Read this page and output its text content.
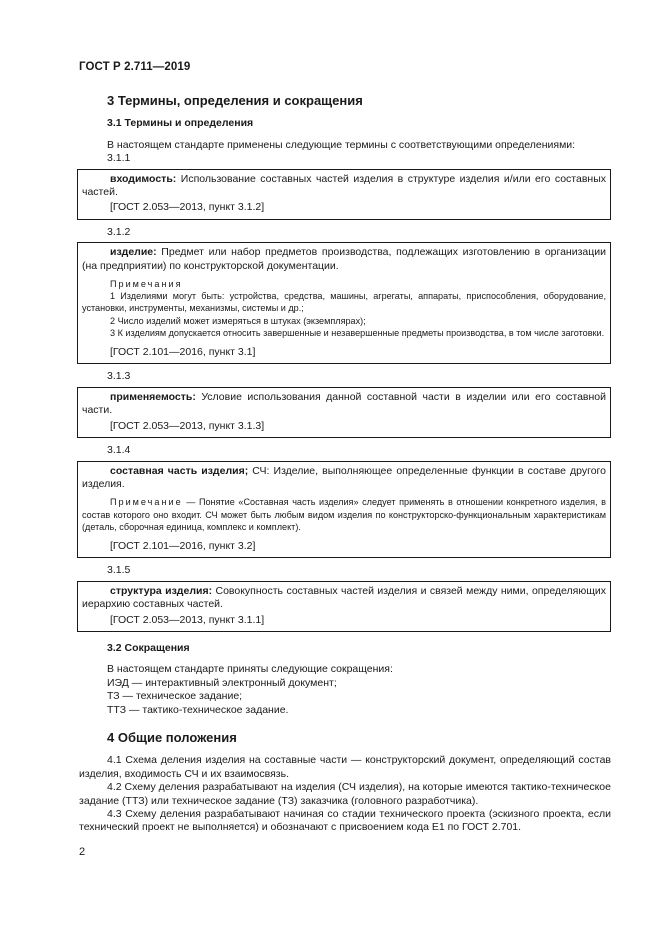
ГОСТ Р 2.711—2019
3 Термины, определения и сокращения
3.1 Термины и определения

В настоящем стандарте применены следующие термины с соответствующими определениями:

3.1.1

входимость: Использование составных частей изделия в структуре изделия и/или его составных частей.

[ГОСТ 2.053—2013, пункт 3.1.2]

3.1.2

изделие: Предмет или набор предметов производства, подлежащих изготовлению в организации (на предприятии) по конструкторской документации.

Примечания

1 Изделиями могут быть: устройства, средства, машины, агрегаты, аппараты, приспособления, оборудование, установки, инструменты, механизмы, системы и др.;

2 Число изделий может измеряться в штуках (экземплярах);

3 К изделиям допускается относить завершенные и незавершенные предметы производства, в том числе заготовки.

[ГОСТ 2.101—2016, пункт 3.1]

3.1.3

применяемость: Условие использования данной составной части в изделии или его составной части.

[ГОСТ 2.053—2013, пункт 3.1.3]

3.1.4

составная часть изделия; СЧ: Изделие, выполняющее определенные функции в составе другого изделия.

Примечание — Понятие «Составная часть изделия» следует применять в отношении конкретного изделия, в состав которого оно входит. СЧ может быть любым видом изделия по конструкторско-функциональным характеристикам (деталь, сборочная единица, комплекс и комплект).

[ГОСТ 2.101—2016, пункт 3.2]

3.1.5

структура изделия: Совокупность составных частей изделия и связей между ними, определяющих иерархию составных частей.

[ГОСТ 2.053—2013, пункт 3.1.1]

3.2 Сокращения

В настоящем стандарте приняты следующие сокращения:

ИЭД — интерактивный электронный документ;

ТЗ — техническое задание;

ТТЗ — тактико-техническое задание.

4 Общие положения

4.1 Схема деления изделия на составные части — конструкторский документ, определяющий состав изделия, входимость СЧ и их взаимосвязь.

4.2 Схему деления разрабатывают на изделия (СЧ изделия), на которые имеются тактико-техническое задание (ТТЗ) или техническое задание (ТЗ) заказчика (головного разработчика).

4.3 Схему деления разрабатывают начиная со стадии технического проекта (эскизного проекта, если технический проект не выполняется) и обозначают с присвоением кода Е1 по ГОСТ 2.701.

2
